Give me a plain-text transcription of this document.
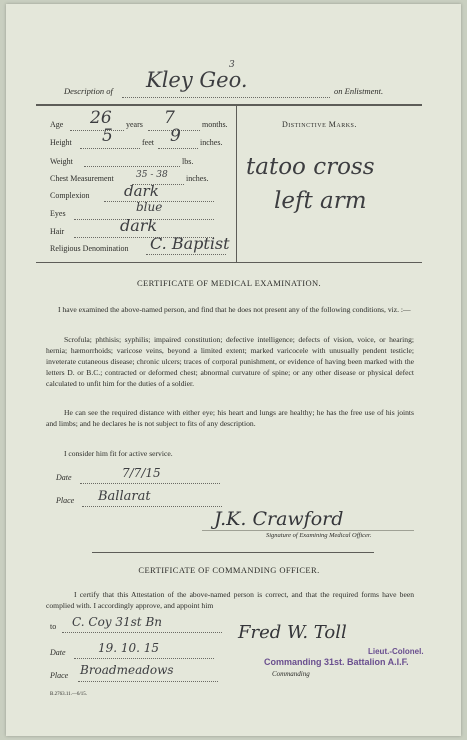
3
Description of Kley Geo.	on Enlistment.
Age 26 years 7	months.
Height 5	feet 9 inches.
Weight	lbs.
Chest Measurement 35 - 38 inches.
Complexion dark
Eyes	blue
Hair	dark
Religious Denomination C. Baptist
Distinctive Marks.
tatoo cross
left arm
CERTIFICATE OF MEDICAL EXAMINATION.
I have examined the above-named person, and find that he does not present any of the following conditions, viz. :—
Scrofula; phthisis; syphilis; impaired constitution; defective intelligence; defects of vision, voice, or hearing; hernia; hæmorrhoids; varicose veins, beyond a limited extent; marked varicocele with unusually pendent testicle; inveterate cutaneous disease; chronic ulcers; traces of corporal punishment, or evidence of having been marked with the letters D. or B.C.; contracted or deformed chest; abnormal curvature of spine; or any other disease or physical defect calculated to unfit him for the duties of a soldier.
He can see the required distance with either eye; his heart and lungs are healthy; he has the free use of his joints and limbs; and he declares he is not subject to fits of any description.
I consider him fit for active service.
Date	7/7/15
Place Ballarat
J.K. Crawford
Signature of Examining Medical Officer.
CERTIFICATE OF COMMANDING OFFICER.
I certify that this Attestation of the above-named person is correct, and that the required forms have been complied with. I accordingly approve, and appoint him
to C. Coy 31st Bn
Date	19. 10. 15
Place Broadmeadows
Fred W. Toll
Lieut.-Colonel.
Commanding 31st. Battalion A.I.F.
Commanding
B.2763.11.—6/15.
